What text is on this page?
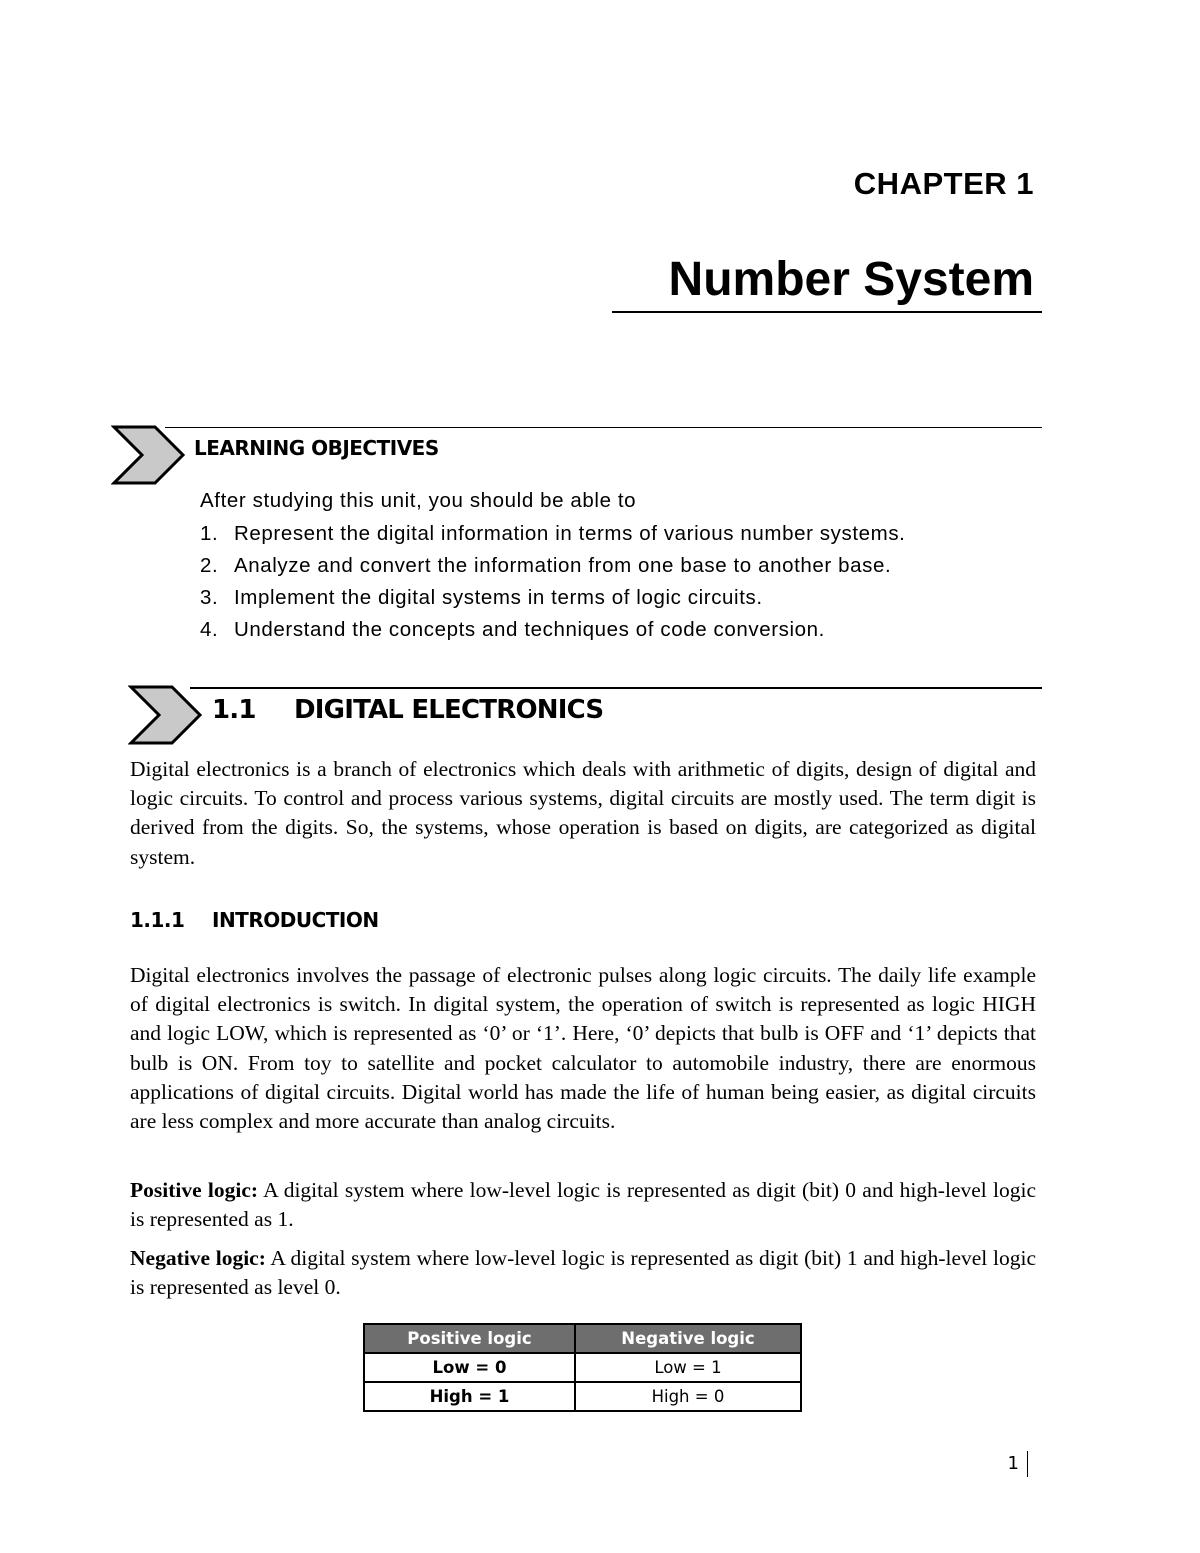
CHAPTER 1
Number System
LEARNING OBJECTIVES
After studying this unit, you should be able to
1. Represent the digital information in terms of various number systems.
2. Analyze and convert the information from one base to another base.
3. Implement the digital systems in terms of logic circuits.
4. Understand the concepts and techniques of code conversion.
1.1 DIGITAL ELECTRONICS
Digital electronics is a branch of electronics which deals with arithmetic of digits, design of digital and logic circuits. To control and process various systems, digital circuits are mostly used. The term digit is derived from the digits. So, the systems, whose operation is based on digits, are categorized as digital system.
1.1.1 INTRODUCTION
Digital electronics involves the passage of electronic pulses along logic circuits. The daily life example of digital electronics is switch. In digital system, the operation of switch is represented as logic HIGH and logic LOW, which is represented as ‘0’ or ‘1’. Here, ‘0’ depicts that bulb is OFF and ‘1’ depicts that bulb is ON. From toy to satellite and pocket calculator to automobile industry, there are enormous applications of digital circuits. Digital world has made the life of human being easier, as digital circuits are less complex and more accurate than analog circuits.
Positive logic: A digital system where low-level logic is represented as digit (bit) 0 and high-level logic is represented as 1.
Negative logic: A digital system where low-level logic is represented as digit (bit) 1 and high-level logic is represented as level 0.
Positive logic	Negative logic
Low = 0	Low = 1
High = 1	High = 0
1
